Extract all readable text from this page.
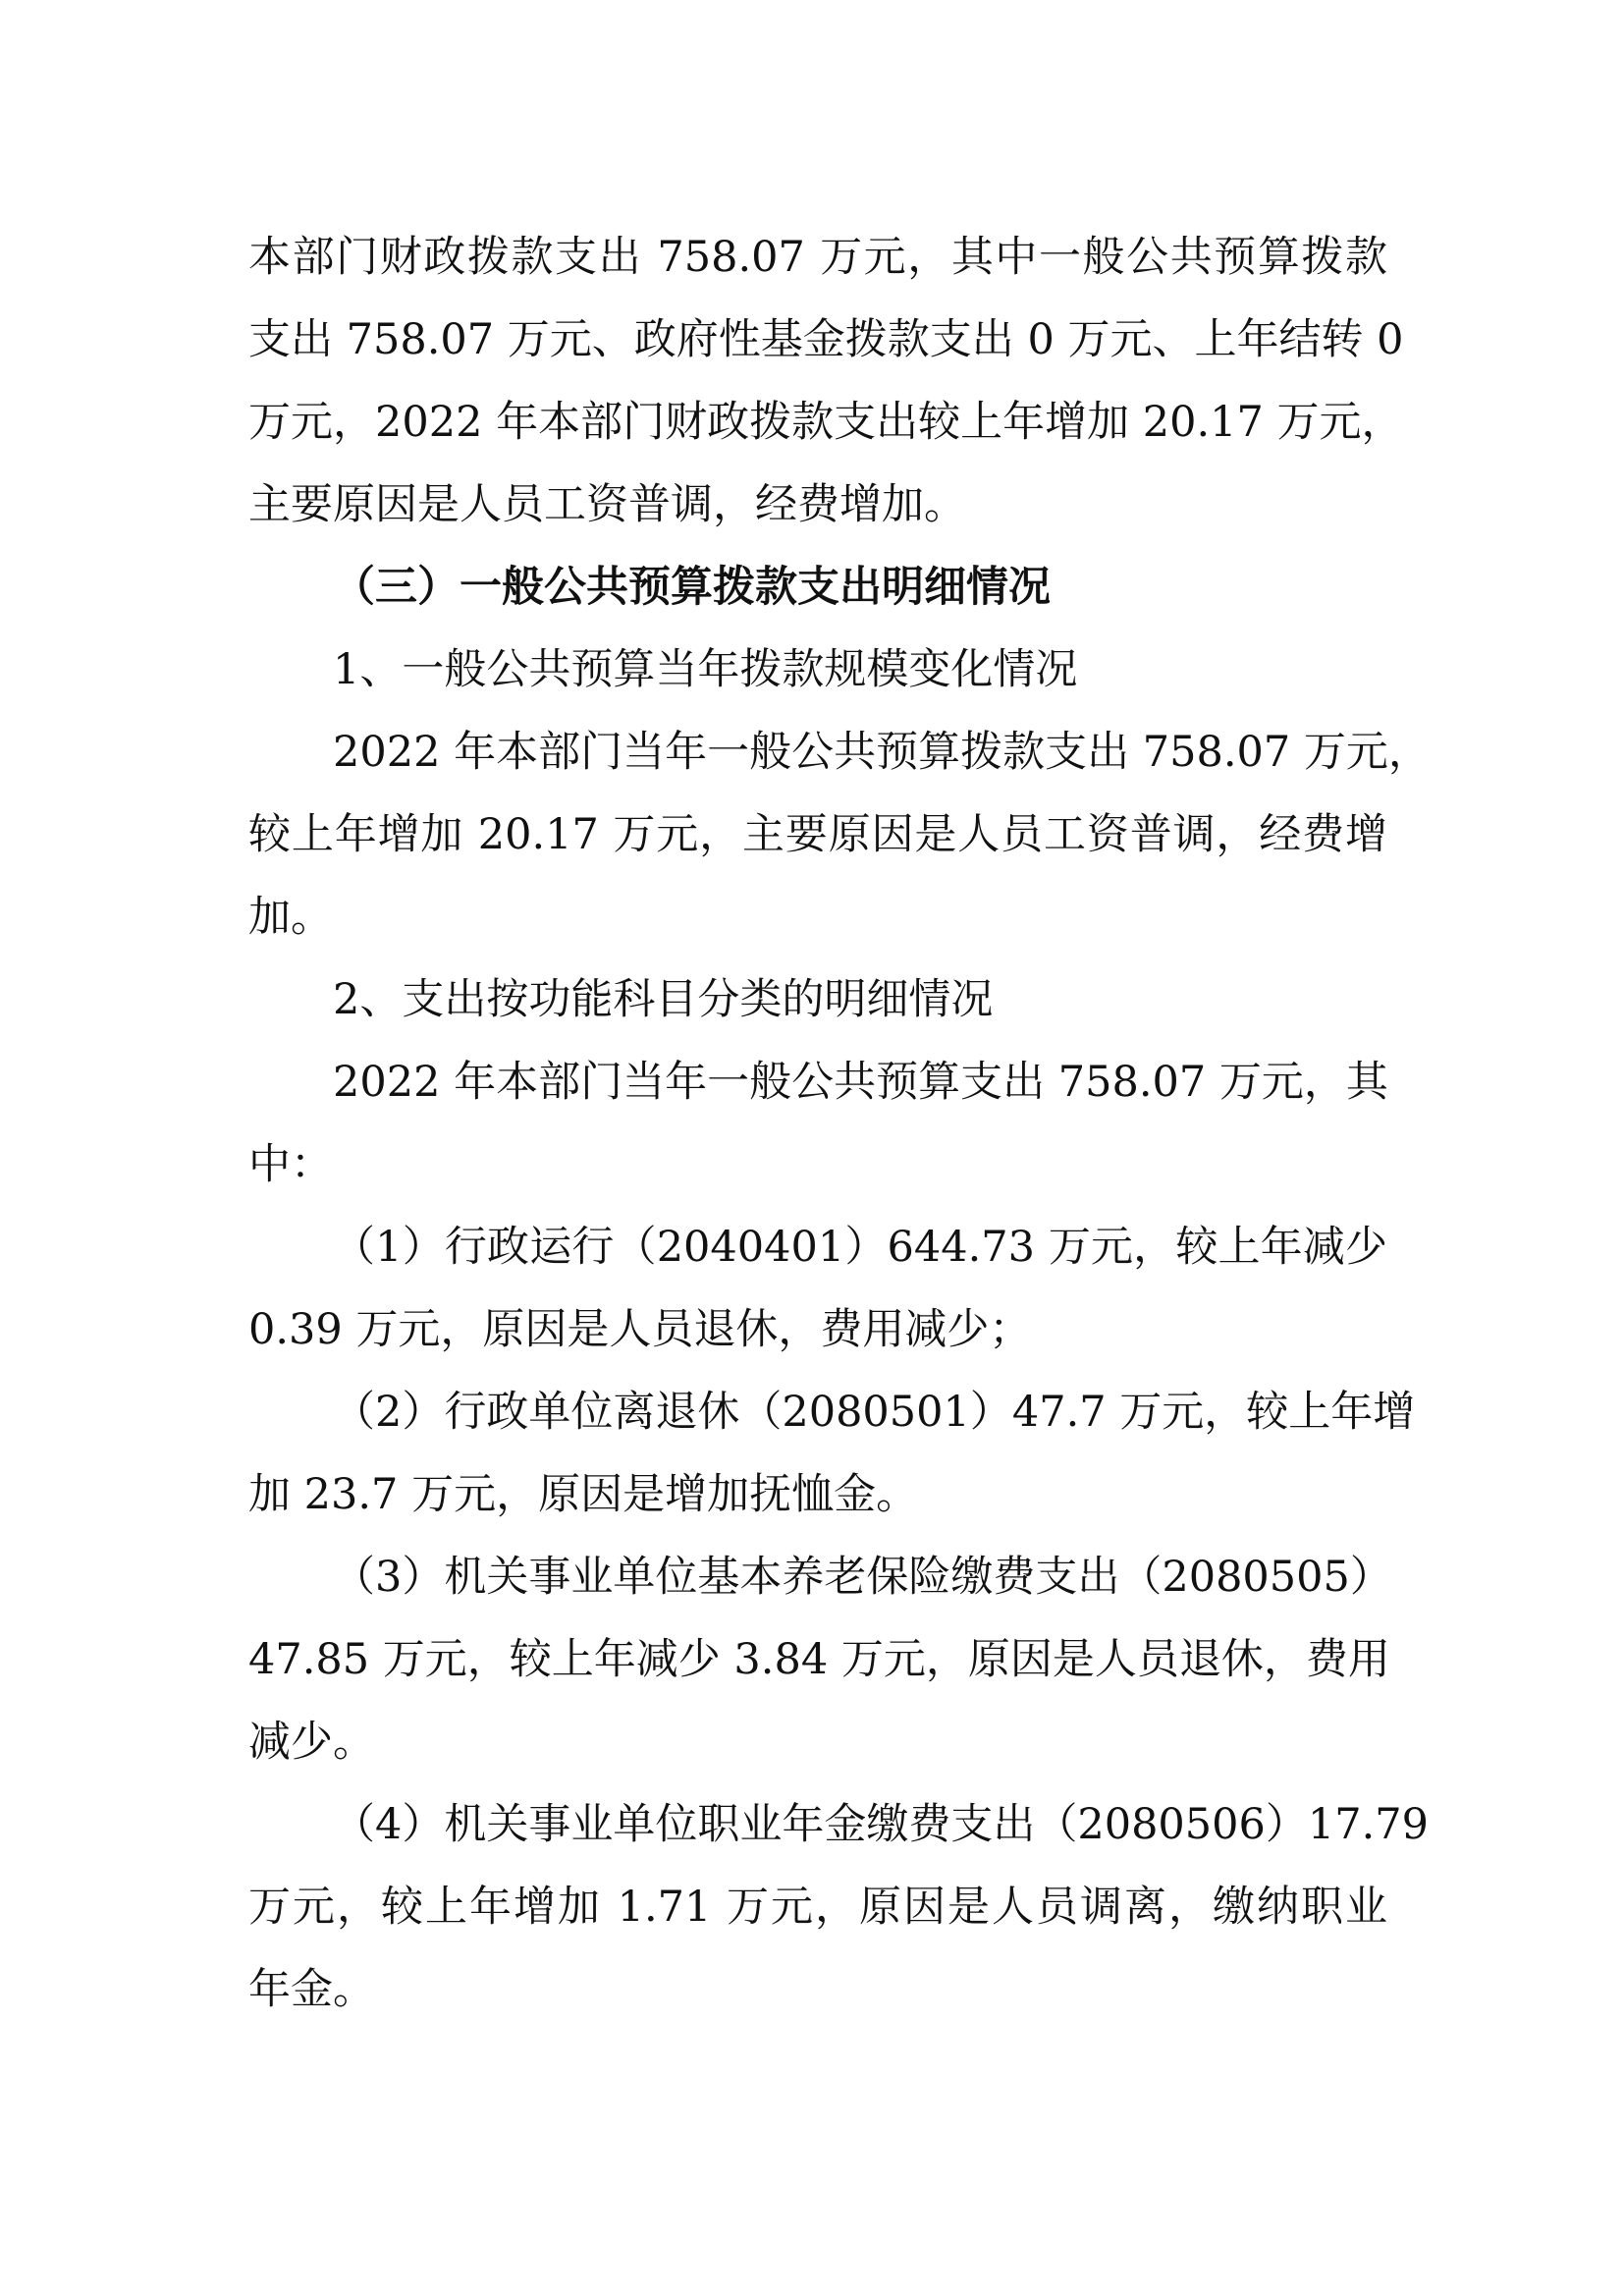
本部门财政拨款支出 758.07 万元，其中一般公共预算拨款
支出 758.07 万元、政府性基金拨款支出 0 万元、上年结转 0
万元，2022 年本部门财政拨款支出较上年增加 20.17 万元，
主要原因是人员工资普调，经费增加。
（三）一般公共预算拨款支出明细情况
1、一般公共预算当年拨款规模变化情况
2022 年本部门当年一般公共预算拨款支出 758.07 万元，
较上年增加 20.17 万元，主要原因是人员工资普调，经费增
加。
2、支出按功能科目分类的明细情况
2022 年本部门当年一般公共预算支出 758.07 万元，其
中：
（1）行政运行（2040401）644.73 万元，较上年减少
0.39 万元，原因是人员退休，费用减少；
（2）行政单位离退休（2080501）47.7 万元，较上年增
加 23.7 万元，原因是增加抚恤金。
（3）机关事业单位基本养老保险缴费支出（2080505）
47.85 万元，较上年减少 3.84 万元，原因是人员退休，费用
减少。
（4）机关事业单位职业年金缴费支出（2080506）17.79
万元，较上年增加 1.71 万元，原因是人员调离，缴纳职业
年金。
